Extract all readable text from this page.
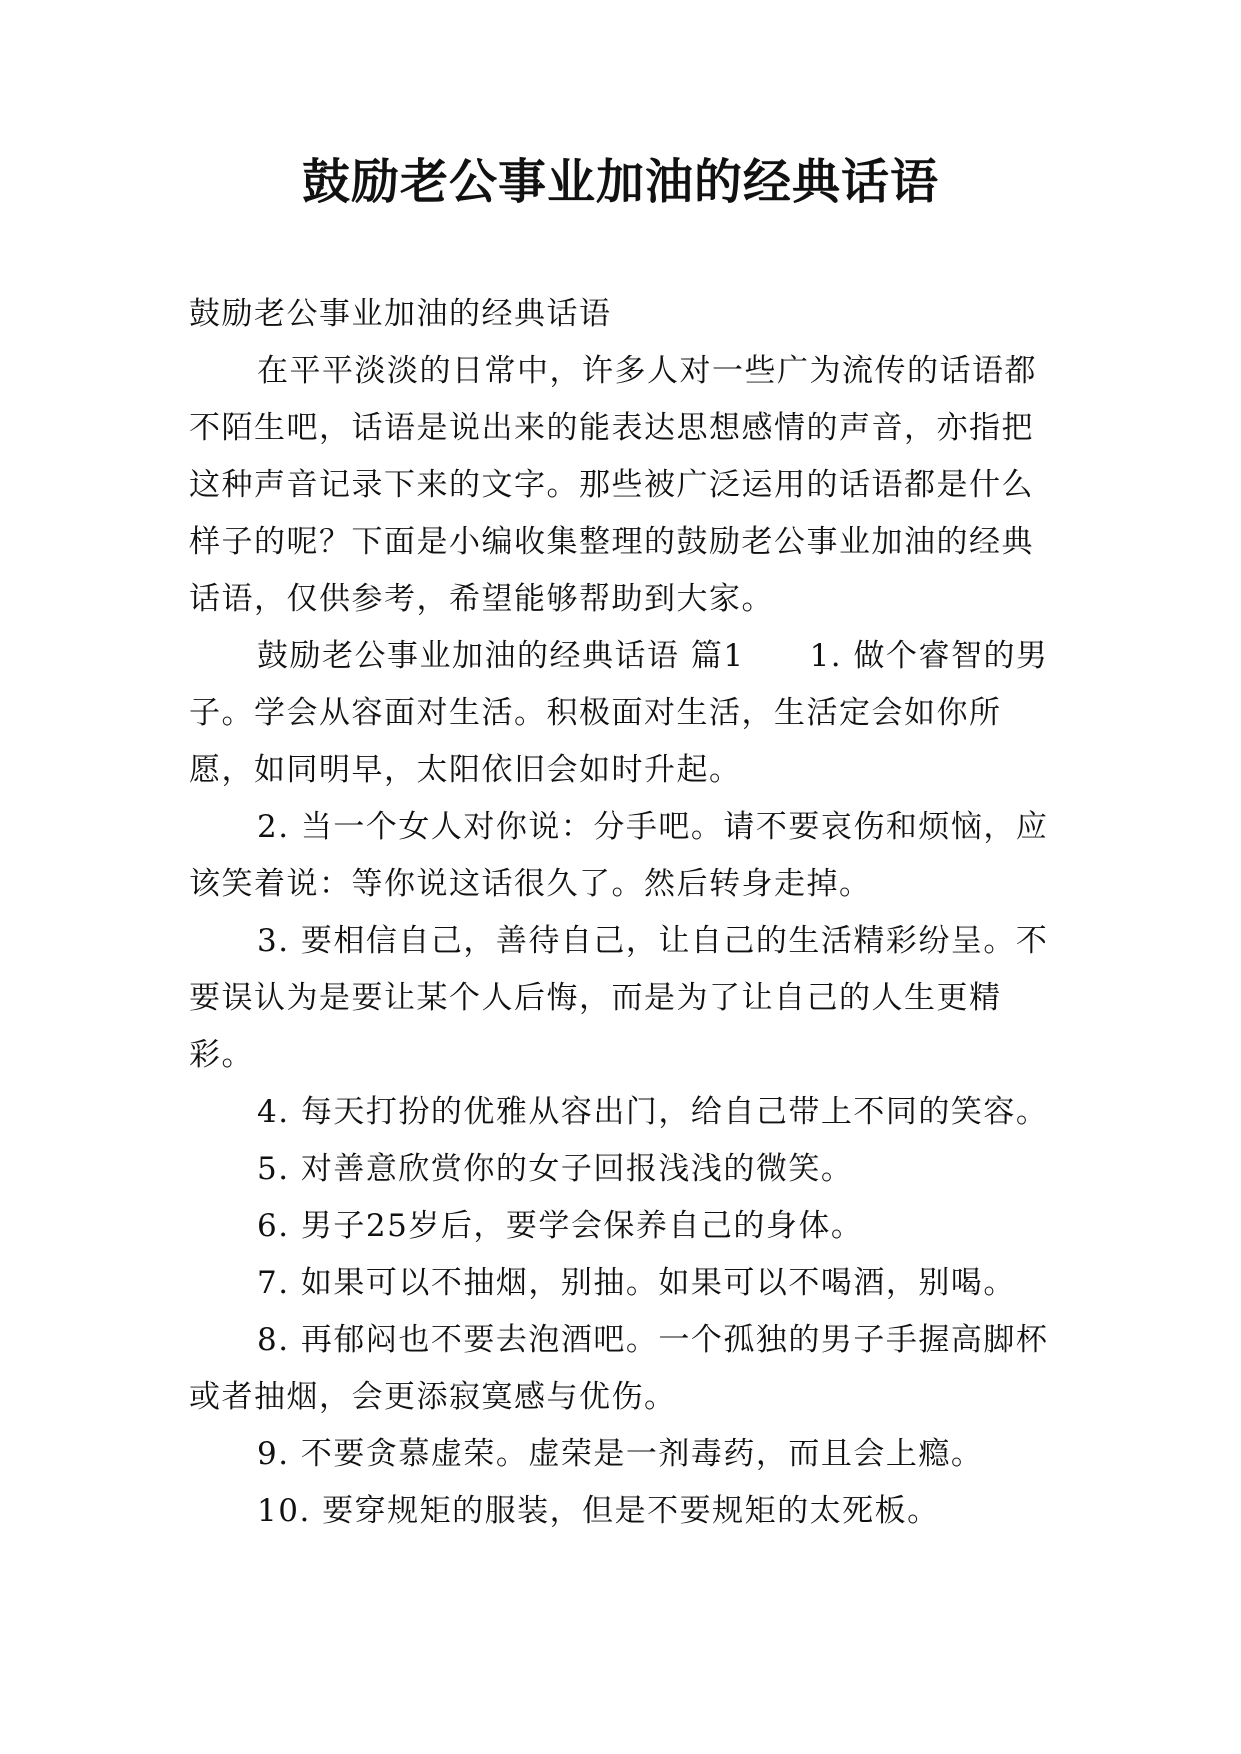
鼓励老公事业加油的经典话语

鼓励老公事业加油的经典话语

在平平淡淡的日常中，许多人对一些广为流传的话语都不陌生吧，话语是说出来的能表达思想感情的声音，亦指把这种声音记录下来的文字。那些被广泛运用的话语都是什么样子的呢？下面是小编收集整理的鼓励老公事业加油的经典话语，仅供参考，希望能够帮助到大家。

鼓励老公事业加油的经典话语 篇1　　1. 做个睿智的男子。学会从容面对生活。积极面对生活，生活定会如你所愿，如同明早，太阳依旧会如时升起。

2. 当一个女人对你说：分手吧。请不要哀伤和烦恼，应该笑着说：等你说这话很久了。然后转身走掉。

3. 要相信自己，善待自己，让自己的生活精彩纷呈。不要误认为是要让某个人后悔，而是为了让自己的人生更精彩。

4. 每天打扮的优雅从容出门，给自己带上不同的笑容。

5. 对善意欣赏你的女子回报浅浅的微笑。

6. 男子25岁后，要学会保养自己的身体。

7. 如果可以不抽烟，别抽。如果可以不喝酒，别喝。

8. 再郁闷也不要去泡酒吧。一个孤独的男子手握高脚杯或者抽烟，会更添寂寞感与优伤。

9. 不要贪慕虚荣。虚荣是一剂毒药，而且会上瘾。

10. 要穿规矩的服装，但是不要规矩的太死板。
